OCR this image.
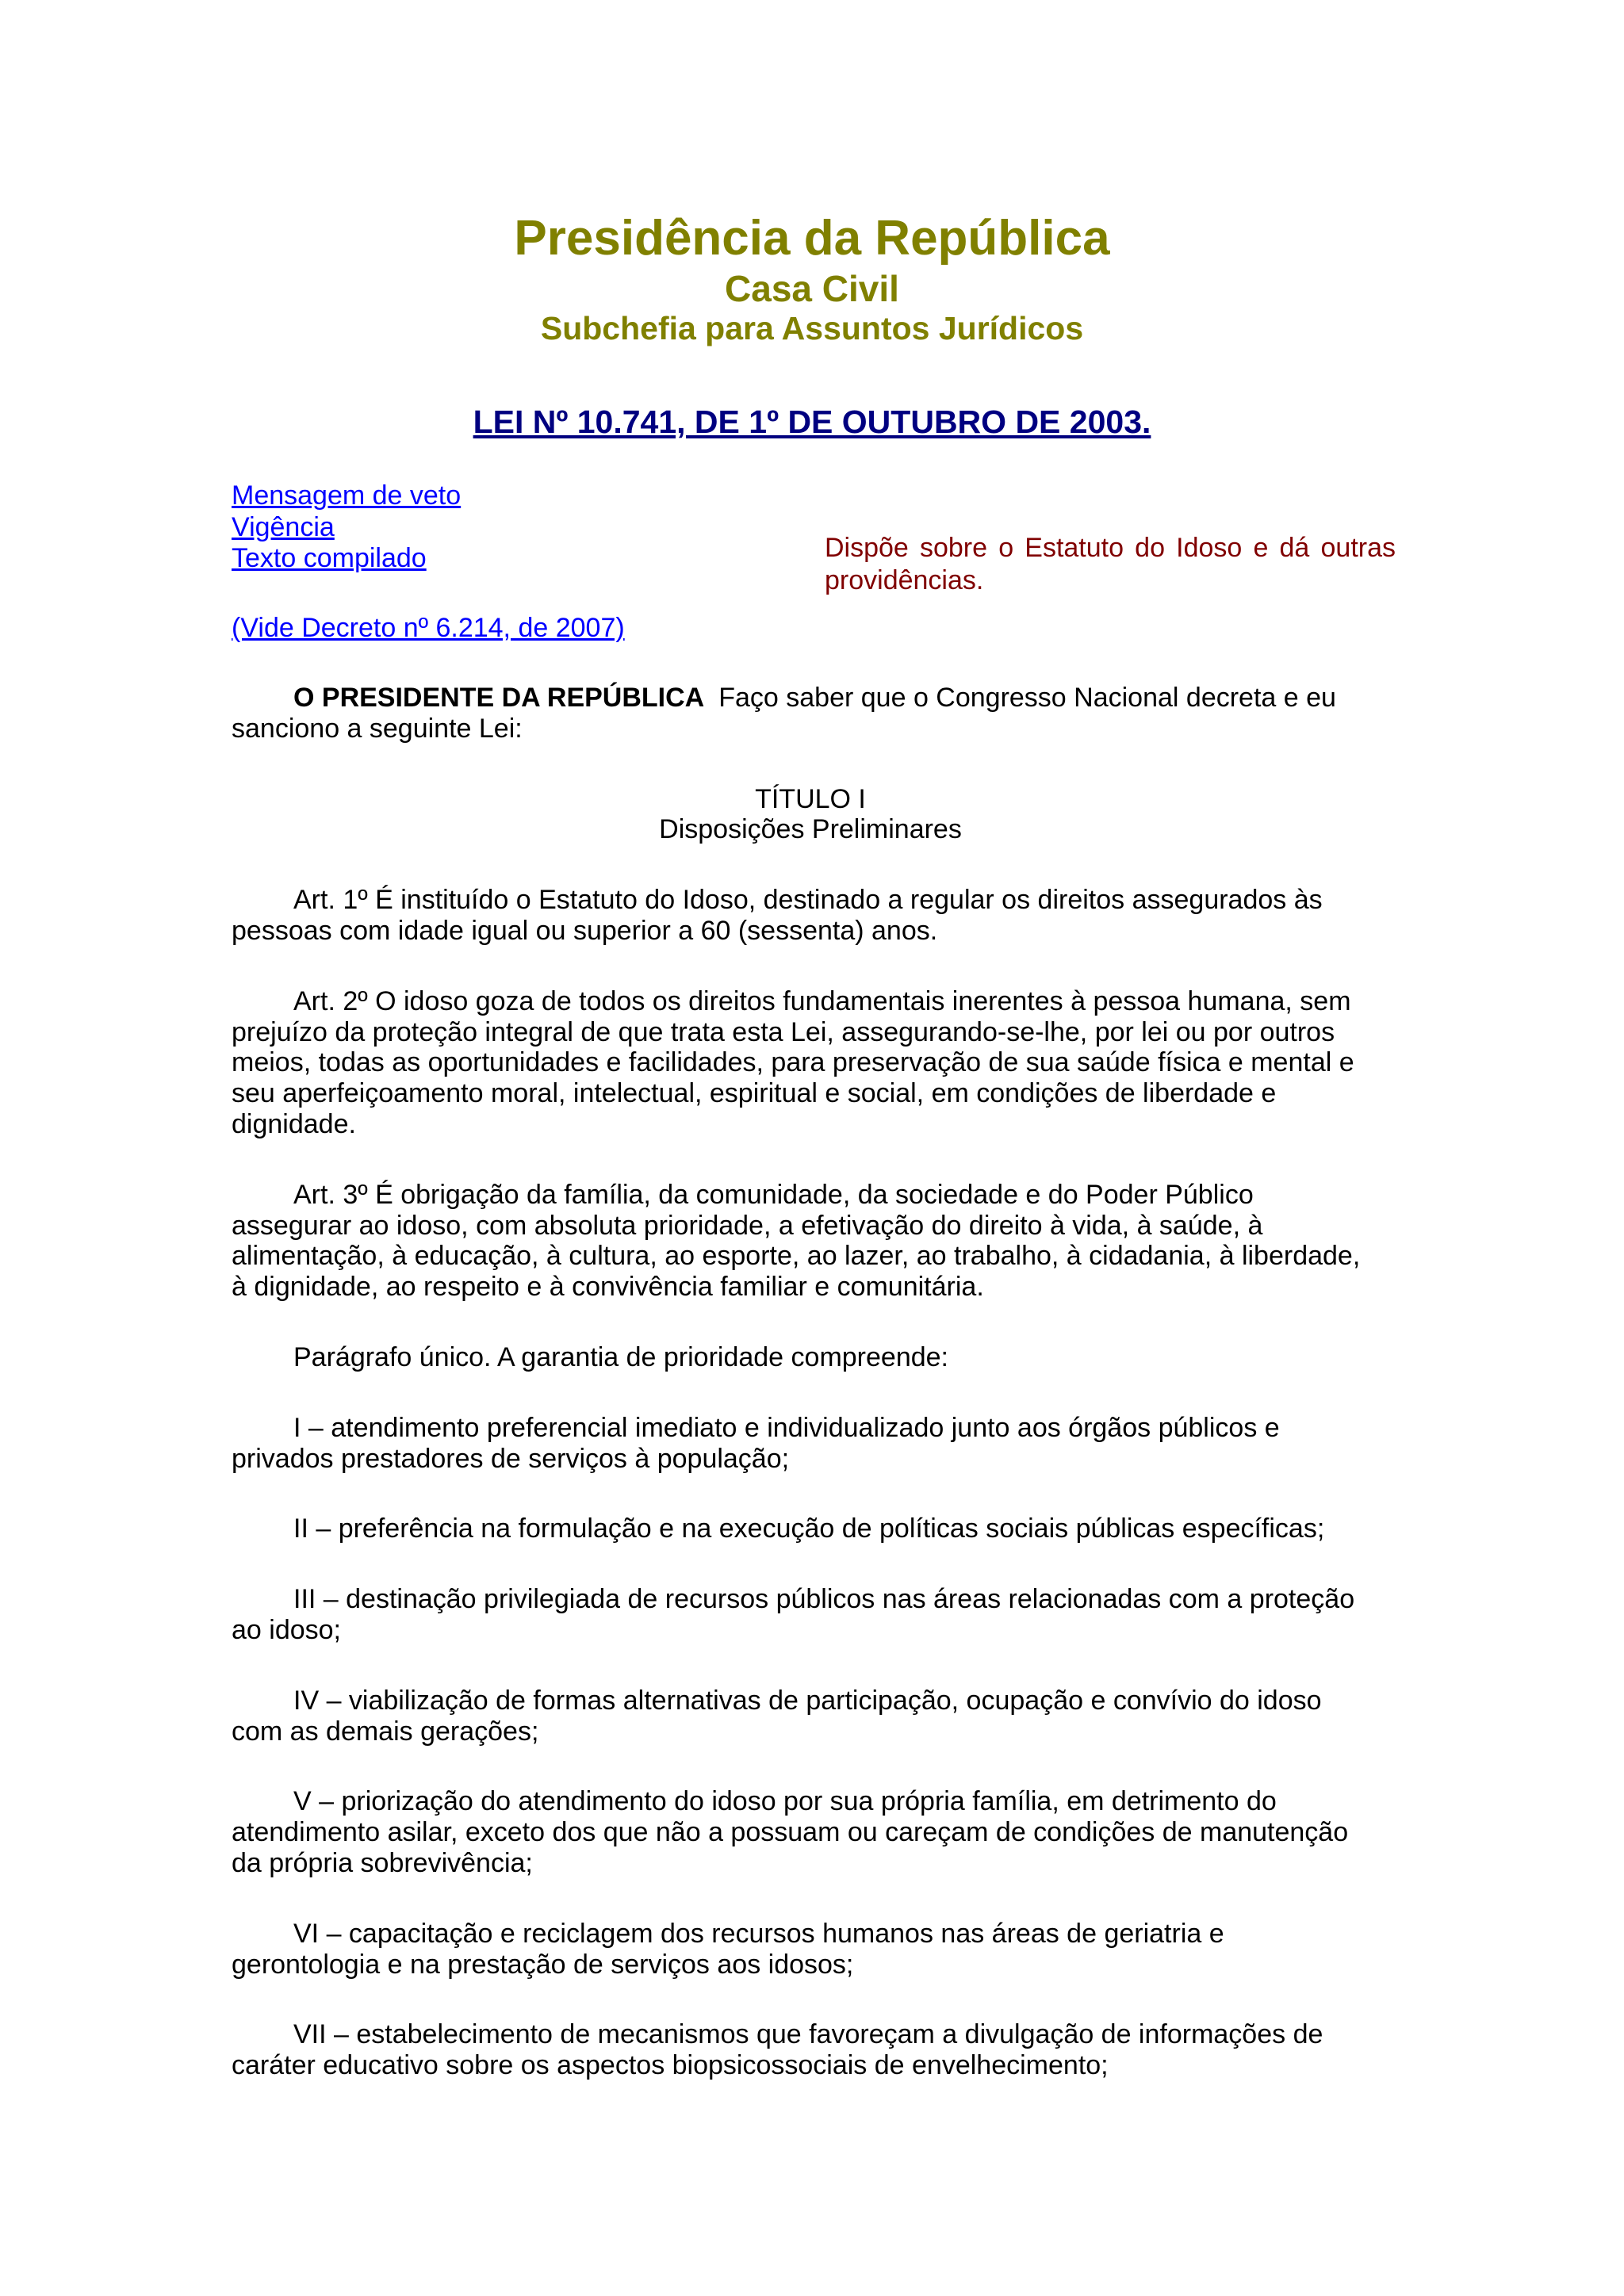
Presidência da República
Casa Civil
Subchefia para Assuntos Jurídicos
LEI Nº 10.741, DE 1º DE OUTUBRO DE 2003.
Mensagem de veto
Vigência
Texto compilado	Dispõe sobre o Estatuto do Idoso e dá outras providências.
(Vide Decreto nº 6.214, de 2007)
O PRESIDENTE DA REPÚBLICA Faço saber que o Congresso Nacional decreta e eu
sanciono a seguinte Lei:
TÍTULO I
Disposições Preliminares
Art. 1º É instituído o Estatuto do Idoso, destinado a regular os direitos assegurados às
pessoas com idade igual ou superior a 60 (sessenta) anos.
Art. 2º O idoso goza de todos os direitos fundamentais inerentes à pessoa humana, sem
prejuízo da proteção integral de que trata esta Lei, assegurando-se-lhe, por lei ou por outros
meios, todas as oportunidades e facilidades, para preservação de sua saúde física e mental e
seu aperfeiçoamento moral, intelectual, espiritual e social, em condições de liberdade e
dignidade.
Art. 3º É obrigação da família, da comunidade, da sociedade e do Poder Público
assegurar ao idoso, com absoluta prioridade, a efetivação do direito à vida, à saúde, à
alimentação, à educação, à cultura, ao esporte, ao lazer, ao trabalho, à cidadania, à liberdade,
à dignidade, ao respeito e à convivência familiar e comunitária.
Parágrafo único. A garantia de prioridade compreende:
I – atendimento preferencial imediato e individualizado junto aos órgãos públicos e
privados prestadores de serviços à população;
II – preferência na formulação e na execução de políticas sociais públicas específicas;
III – destinação privilegiada de recursos públicos nas áreas relacionadas com a proteção
ao idoso;
IV – viabilização de formas alternativas de participação, ocupação e convívio do idoso
com as demais gerações;
V – priorização do atendimento do idoso por sua própria família, em detrimento do
atendimento asilar, exceto dos que não a possuam ou careçam de condições de manutenção
da própria sobrevivência;
VI – capacitação e reciclagem dos recursos humanos nas áreas de geriatria e
gerontologia e na prestação de serviços aos idosos;
VII – estabelecimento de mecanismos que favoreçam a divulgação de informações de
caráter educativo sobre os aspectos biopsicossociais de envelhecimento;
